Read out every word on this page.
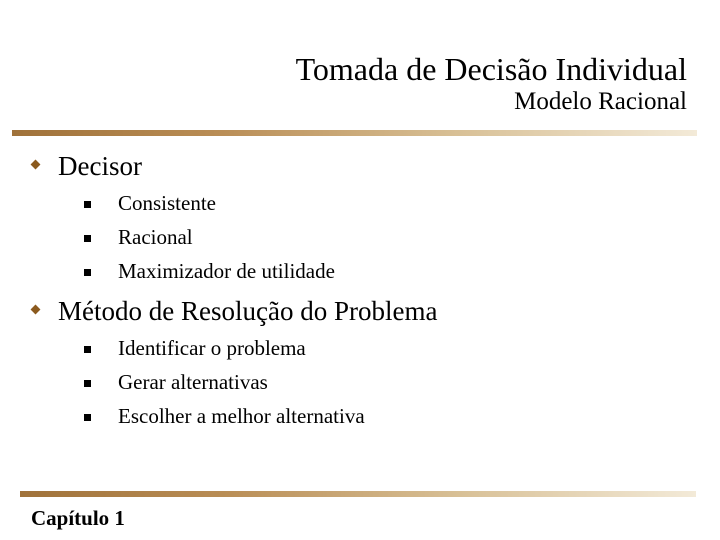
Tomada de Decisão Individual
Modelo Racional
Decisor
Consistente
Racional
Maximizador de utilidade
Método de Resolução do Problema
Identificar o problema
Gerar alternativas
Escolher a melhor alternativa
Capítulo 1
